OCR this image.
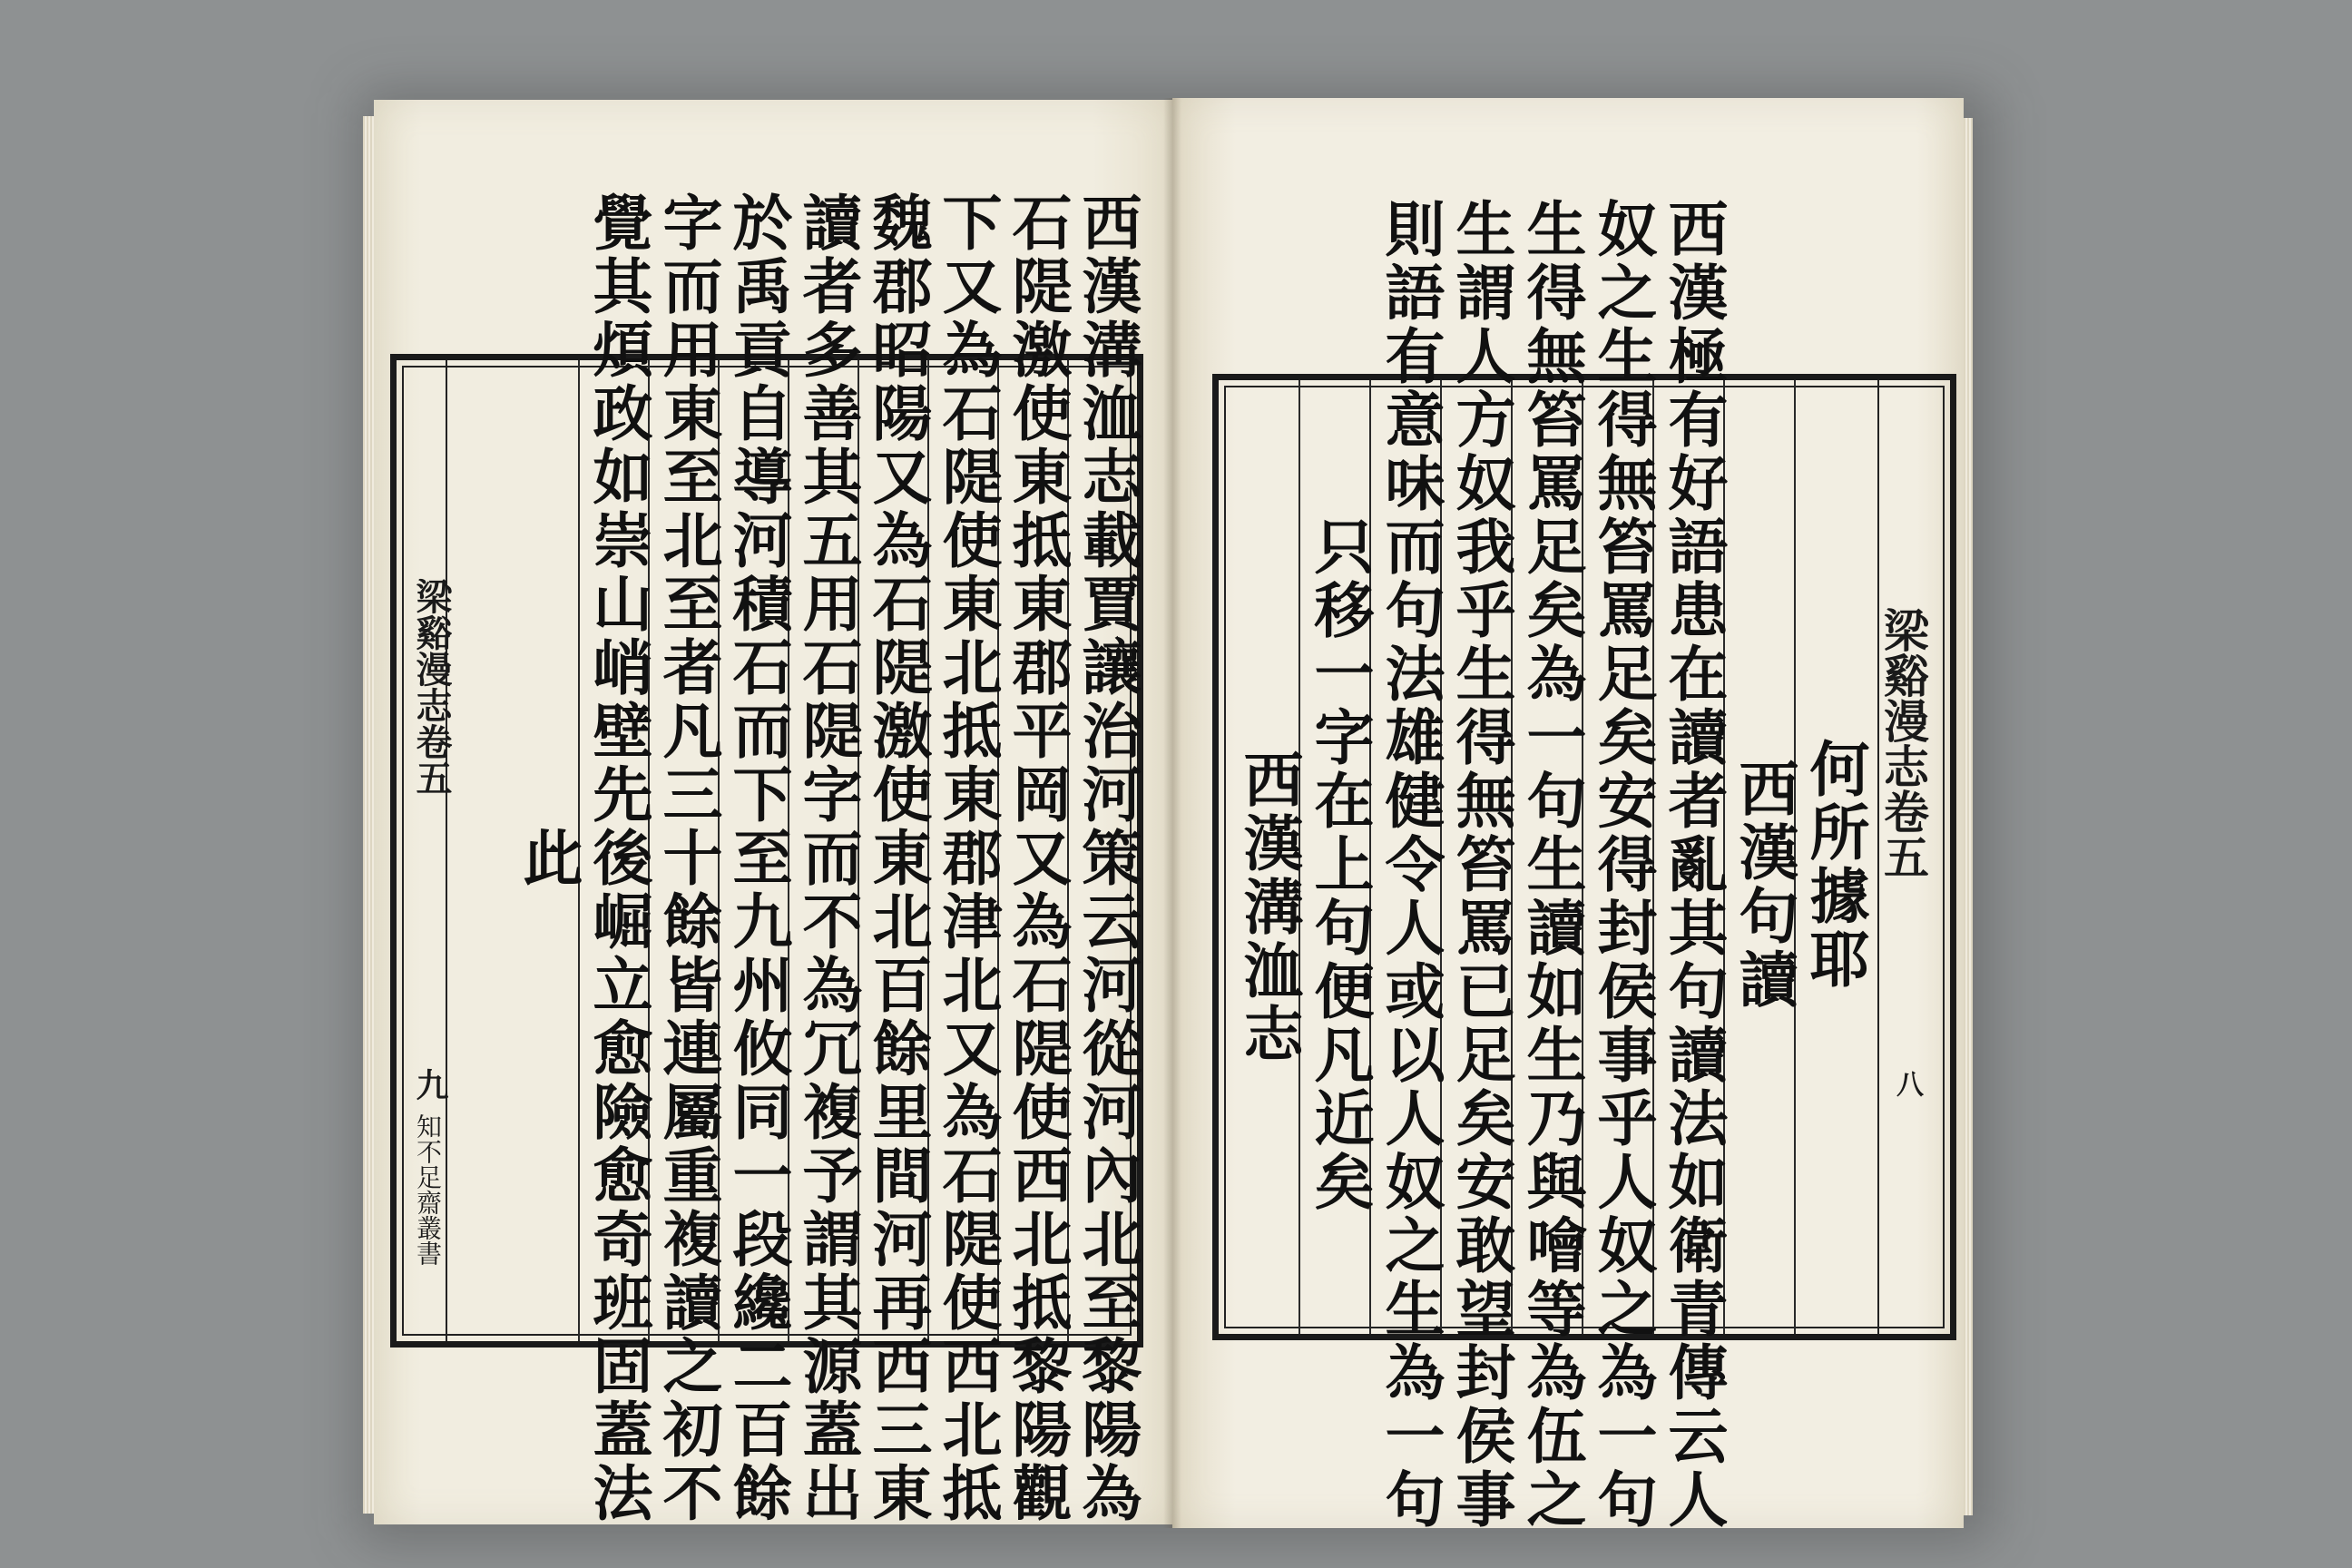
西漢溝洫志載賈讓治河策云河從河內北至黎陽為
石隄激使東抵東郡平岡又為石隄使西北抵黎陽觀
下又為石隄使東北抵東郡津北又為石隄使西北抵
魏郡昭陽又為石隄激使東北百餘里間河再西三東
讀者多善其五用石隄字而不為冗複予謂其源蓋出
於禹貢自導河積石而下至九州攸同一段纔二百餘
字而用東至北至者凡三十餘皆連屬重複讀之初不
覺其煩政如崇山峭壁先後崛立愈險愈奇班固蓋法
此
梁谿漫志卷五
九
知不足齋叢書
何所據耶
西漢句讀
西漢極有好語患在讀者亂其句讀法如衛青傳云人
奴之生得無笞罵足矣安得封侯事乎人奴之為一句
生得無笞罵足矣為一句生讀如生乃與噲等為伍之
生謂人方奴我乎生得無笞罵已足矣安敢望封侯事
則語有意味而句法雄健令人或以人奴之生為一句
只移一字在上句便凡近矣
西漢溝洫志
梁谿漫志卷五
八
